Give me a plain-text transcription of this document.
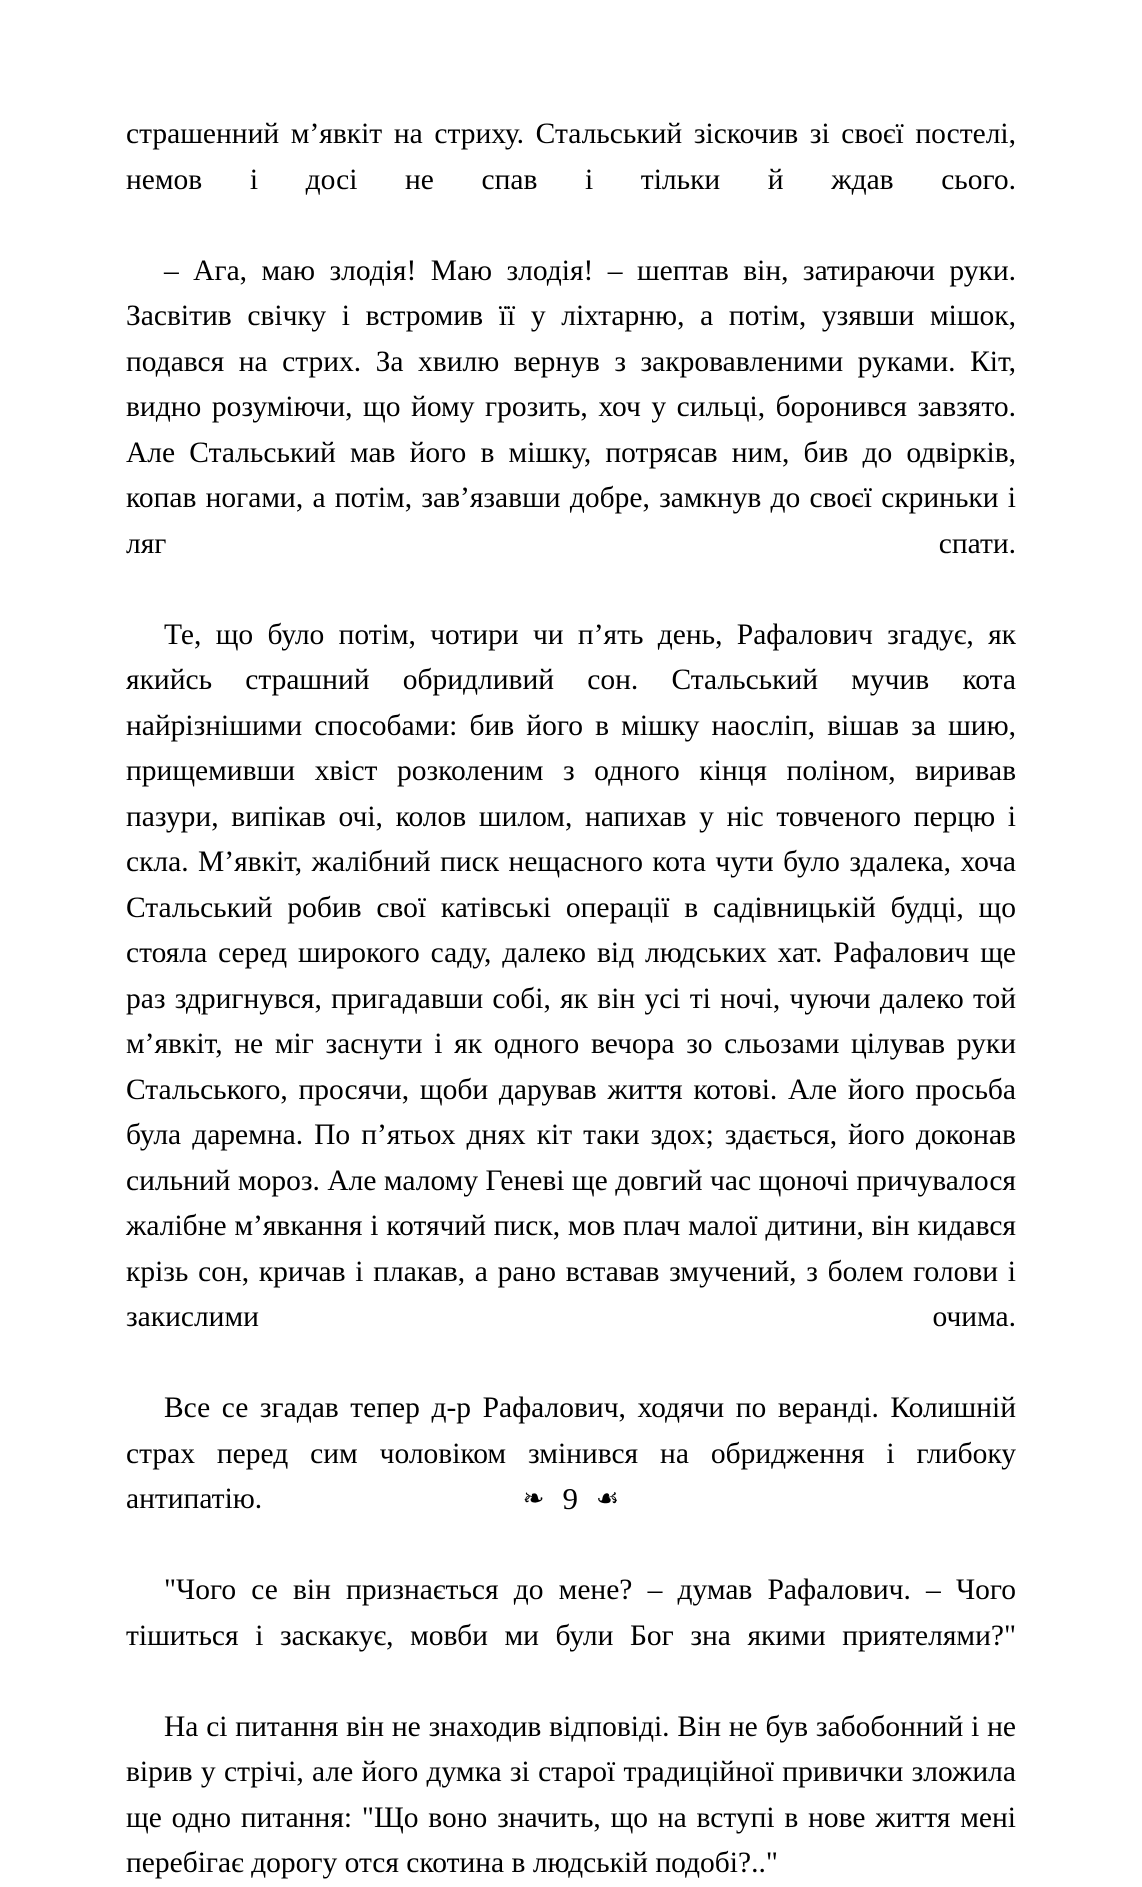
страшенний м’явкіт на стриху. Стальський зіскочив зі своєї постелі, немов і досі не спав і тільки й ждав сього.

– Ага, маю злодія! Маю злодія! – шептав він, затираючи руки. Засвітив свічку і встромив її у ліхтарню, а потім, узявши мішок, подався на стрих. За хвилю вернув з закровавленими руками. Кіт, видно розуміючи, що йому грозить, хоч у сильці, боронився завзято. Але Стальський мав його в мішку, потрясав ним, бив до одвірків, копав ногами, а потім, зав’язавши добре, замкнув до своєї скриньки і ляг спати.

Те, що було потім, чотири чи п’ять день, Рафалович згадує, як якийсь страшний обридливий сон. Стальський мучив кота найрізнішими способами: бив його в мішку наосліп, вішав за шию, прищемивши хвіст розколеним з одного кінця поліном, виривав пазури, випікав очі, колов шилом, напихав у ніс товченого перцю і скла. М’явкіт, жалібний писк нещасного кота чути було здалека, хоча Стальський робив свої катівські операції в садівницькій будці, що стояла серед широкого саду, далеко від людських хат. Рафалович ще раз здригнувся, пригадавши собі, як він усі ті ночі, чуючи далеко той м’явкіт, не міг заснути і як одного вечора зо сльозами цілував руки Стальського, просячи, щоби дарував життя котові. Але його просьба була даремна. По п’ятьох днях кіт таки здох; здається, його доконав сильний мороз. Але малому Геневі ще довгий час щоночі причувалося жалібне м’явкання і котячий писк, мов плач малої дитини, він кидався крізь сон, кричав і плакав, а рано вставав змучений, з болем голови і закислими очима.

Все се згадав тепер д-р Рафалович, ходячи по веранді. Колишній страх перед сим чоловіком змінився на обридження і глибоку антипатію.

"Чого се він признається до мене? – думав Рафалович. – Чого тішиться і заскакує, мовби ми були Бог зна якими приятелями?"

На сі питання він не знаходив відповіді. Він не був забобонний і не вірив у стрічі, але його думка зі старої традиційної привички зложила ще одно питання: "Що воно значить, що на вступі в нове життя мені перебігає дорогу отся скотина в людській подобі?.."

❧ 9 ☙
